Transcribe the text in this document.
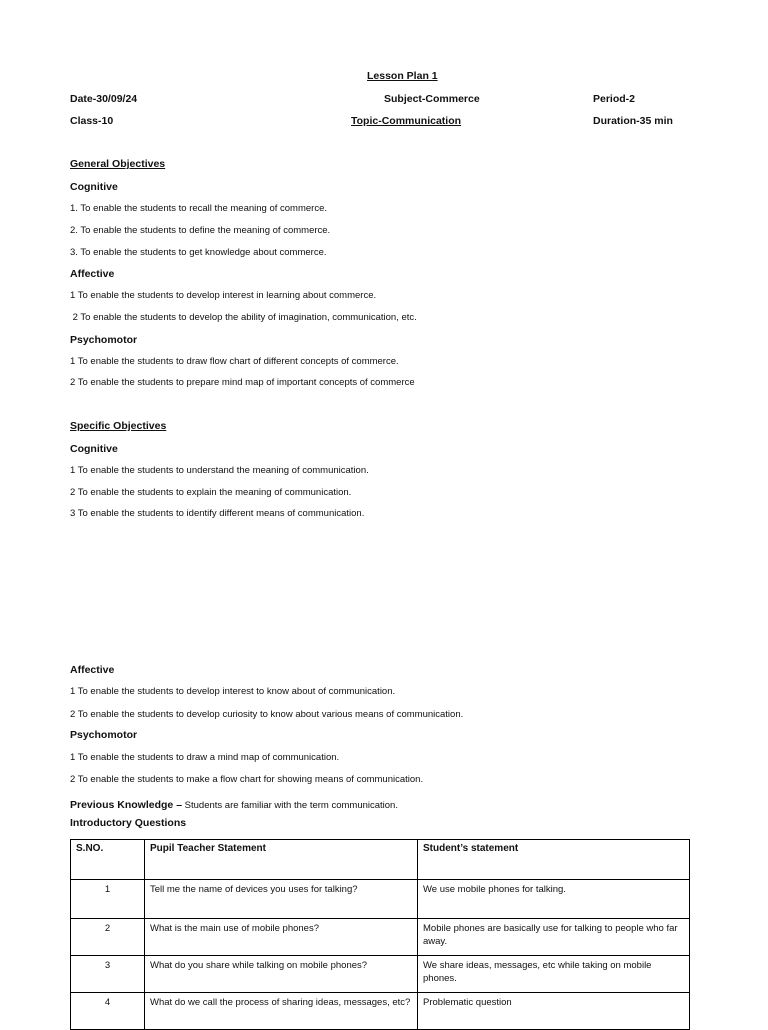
Lesson Plan 1
Date-30/09/24	Subject-Commerce	Period-2
Class-10	Topic-Communication	Duration-35 min
General Objectives
Cognitive
1. To enable the students to recall the meaning of commerce.
2. To enable the students to define the meaning of commerce.
3. To enable the students to get knowledge about commerce.
Affective
1 To enable the students to develop interest in learning about commerce.
2 To enable the students to develop the ability of imagination, communication, etc.
Psychomotor
1 To enable the students to draw flow chart of different concepts of commerce.
2 To enable the students to prepare mind map of important concepts of commerce
Specific Objectives
Cognitive
1 To enable the students to understand the meaning of communication.
2 To enable the students to explain the meaning of communication.
3 To enable the students to identify different means of communication.
Affective
1 To enable the students to develop interest to know about of communication.
2 To enable the students to develop curiosity to know about various means of communication.
Psychomotor
1 To enable the students to draw a mind map of communication.
2 To enable the students to make a flow chart for showing means of communication.
Previous Knowledge – Students are familiar with the term communication.
Introductory Questions
S.NO.	Pupil Teacher Statement	Student’s statement
1	Tell me the name of devices you uses for talking?	We use mobile phones for talking.
2	What is the main use of mobile phones?	Mobile phones are basically use for talking to people who far away.
3	What do you share while talking on mobile phones?	We share ideas, messages, etc while taking on mobile phones.
4	What do we call the process of sharing ideas, messages, etc?	Problematic question
